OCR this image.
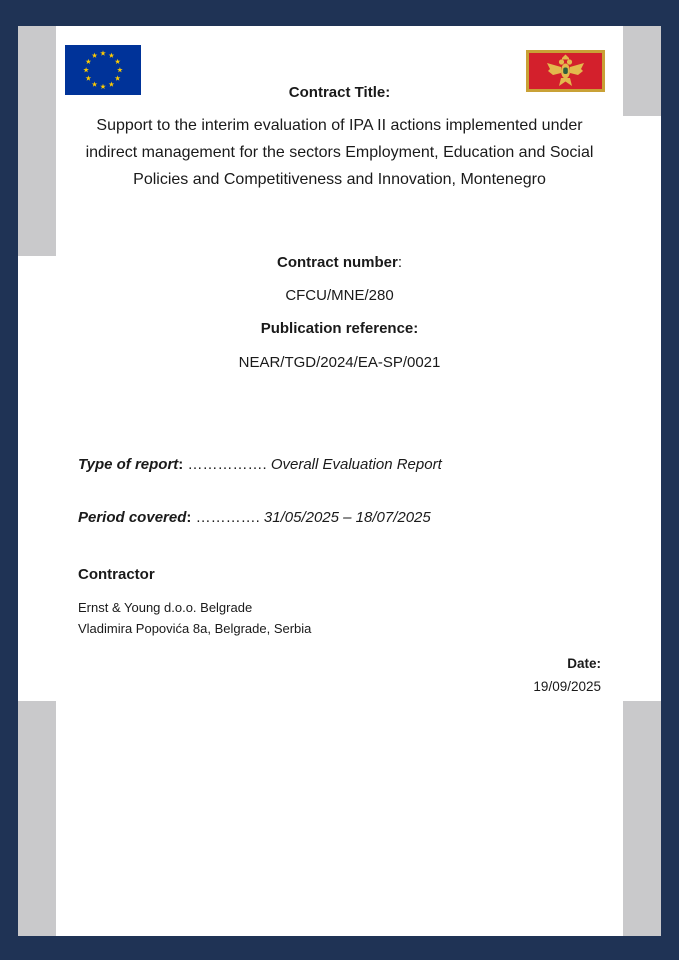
Contract Title:
Support to the interim evaluation of IPA II actions implemented under indirect management for the sectors Employment, Education and Social Policies and Competitiveness and Innovation, Montenegro
Contract number:
CFCU/MNE/280
Publication reference:
NEAR/TGD/2024/EA-SP/0021
Type of report: ……………. Overall Evaluation Report
Period covered: …………. 31/05/2025 – 18/07/2025
Contractor
Ernst & Young d.o.o. Belgrade
Vladimira Popovića 8a, Belgrade, Serbia
Date:
19/09/2025
